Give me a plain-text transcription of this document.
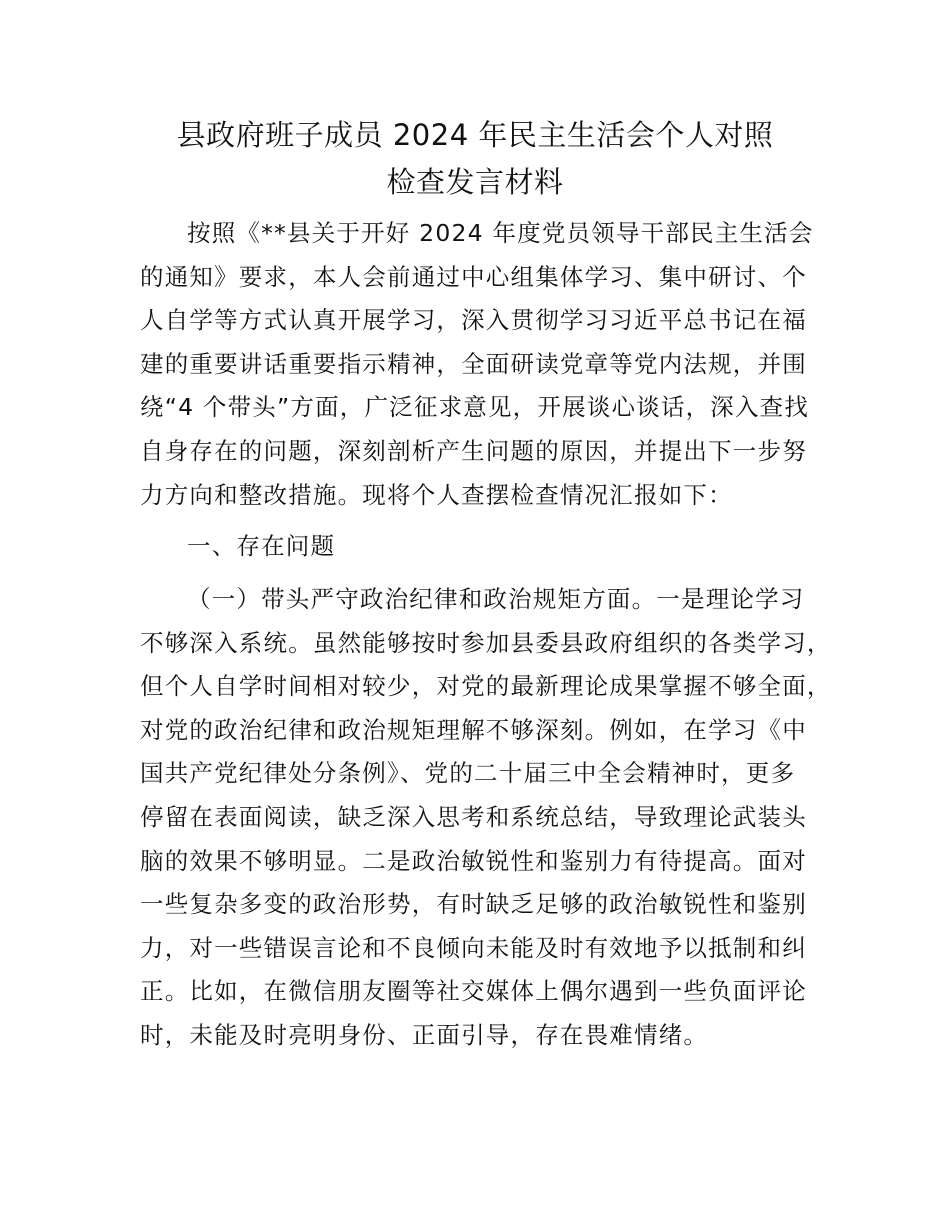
县政府班子成员 2024 年民主生活会个人对照
检查发言材料
按照《**县关于开好 2024 年度党员领导干部民主生活会
的通知》要求，本人会前通过中心组集体学习、集中研讨、个
人自学等方式认真开展学习，深入贯彻学习习近平总书记在福
建的重要讲话重要指示精神，全面研读党章等党内法规，并围
绕“4 个带头”方面，广泛征求意见，开展谈心谈话，深入查找
自身存在的问题，深刻剖析产生问题的原因，并提出下一步努
力方向和整改措施。现将个人查摆检查情况汇报如下：
一、存在问题
（一）带头严守政治纪律和政治规矩方面。一是理论学习
不够深入系统。虽然能够按时参加县委县政府组织的各类学习，
但个人自学时间相对较少，对党的最新理论成果掌握不够全面，
对党的政治纪律和政治规矩理解不够深刻。例如，在学习《中
国共产党纪律处分条例》、党的二十届三中全会精神时，更多
停留在表面阅读，缺乏深入思考和系统总结，导致理论武装头
脑的效果不够明显。二是政治敏锐性和鉴别力有待提高。面对
一些复杂多变的政治形势，有时缺乏足够的政治敏锐性和鉴别
力，对一些错误言论和不良倾向未能及时有效地予以抵制和纠
正。比如，在微信朋友圈等社交媒体上偶尔遇到一些负面评论
时，未能及时亮明身份、正面引导，存在畏难情绪。
